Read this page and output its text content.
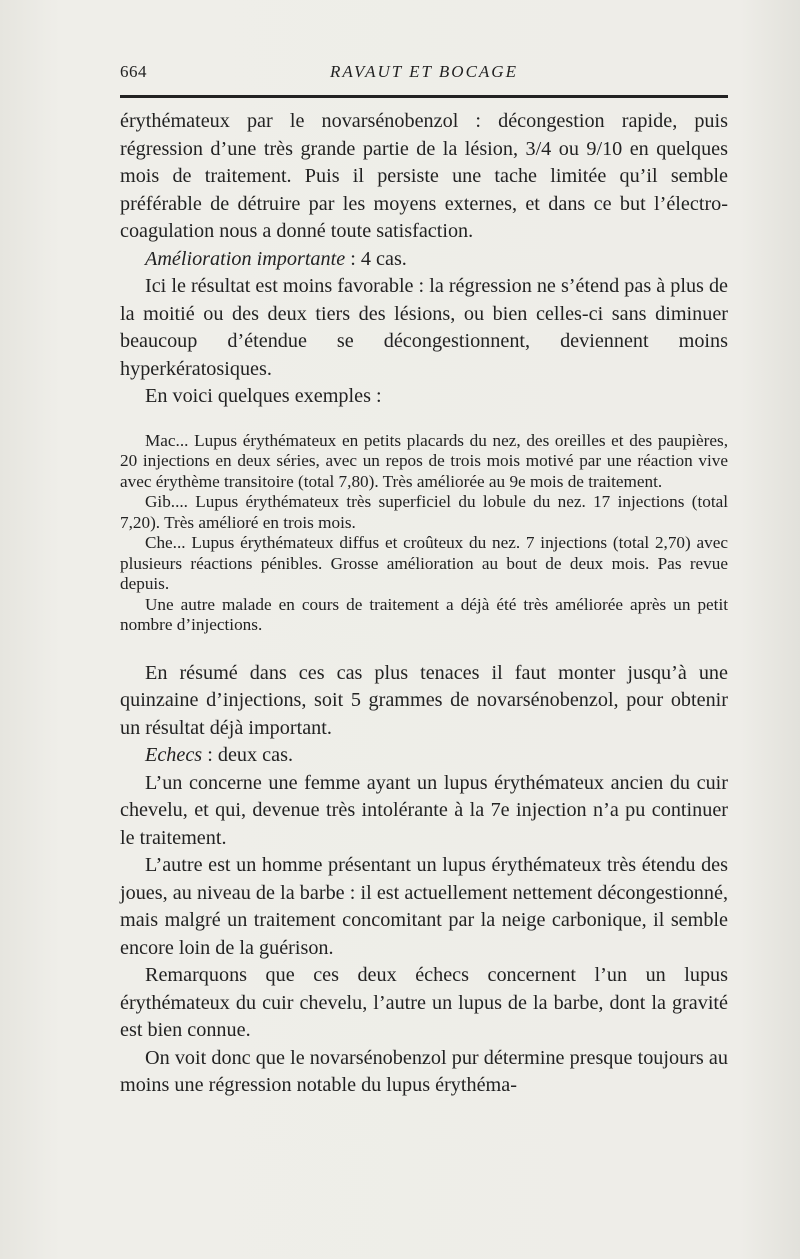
664	RAVAUT ET BOCAGE

érythémateux par le novarsénobenzol : décongestion rapide, puis régression d’une très grande partie de la lésion, 3/4 ou 9/10 en quelques mois de traitement. Puis il persiste une tache limitée qu’il semble préférable de détruire par les moyens externes, et dans ce but l’électro-coagulation nous a donné toute satisfaction.

Amélioration importante : 4 cas.

Ici le résultat est moins favorable : la régression ne s’étend pas à plus de la moitié ou des deux tiers des lésions, ou bien celles-ci sans diminuer beaucoup d’étendue se décongestionnent, deviennent moins hyperkératosiques.

En voici quelques exemples :

Mac... Lupus érythémateux en petits placards du nez, des oreilles et des paupières, 20 injections en deux séries, avec un repos de trois mois motivé par une réaction vive avec érythème transitoire (total 7,80). Très améliorée au 9e mois de traitement.

Gib.... Lupus érythémateux très superficiel du lobule du nez. 17 injections (total 7,20). Très amélioré en trois mois.

Che... Lupus érythémateux diffus et croûteux du nez. 7 injections (total 2,70) avec plusieurs réactions pénibles. Grosse amélioration au bout de deux mois. Pas revue depuis.

Une autre malade en cours de traitement a déjà été très améliorée après un petit nombre d’injections.

En résumé dans ces cas plus tenaces il faut monter jusqu’à une quinzaine d’injections, soit 5 grammes de novarsénobenzol, pour obtenir un résultat déjà important.

Echecs : deux cas.

L’un concerne une femme ayant un lupus érythémateux ancien du cuir chevelu, et qui, devenue très intolérante à la 7e injection n’a pu continuer le traitement.

L’autre est un homme présentant un lupus érythémateux très étendu des joues, au niveau de la barbe : il est actuellement nettement décongestionné, mais malgré un traitement concomitant par la neige carbonique, il semble encore loin de la guérison.

Remarquons que ces deux échecs concernent l’un un lupus érythémateux du cuir chevelu, l’autre un lupus de la barbe, dont la gravité est bien connue.

On voit donc que le novarsénobenzol pur détermine presque toujours au moins une régression notable du lupus érythéma-
